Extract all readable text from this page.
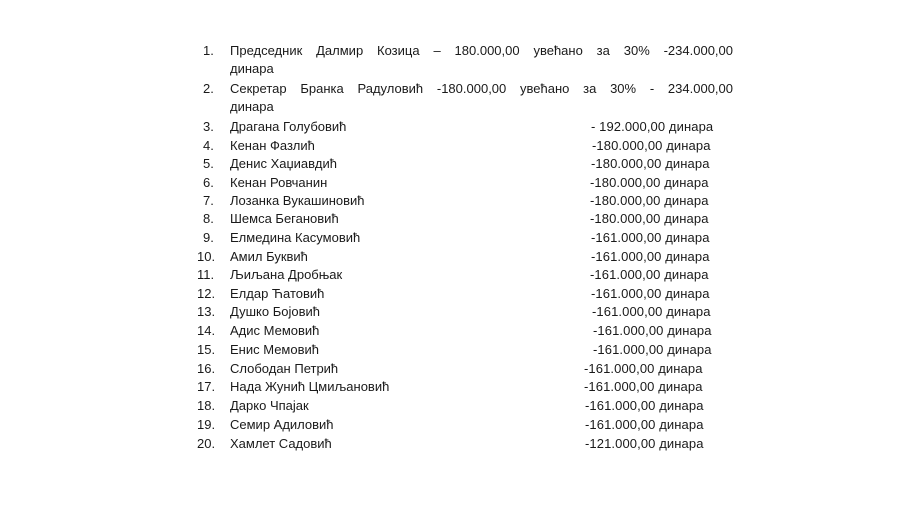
1.	Председник Далмир Козица – 180.000,00 увећано за 30% -234.000,00
динара
2.	Секретар Бранка Радуловић -180.000,00 увећано за 30% - 234.000,00
динара
3.	Драгана Голубовић	- 192.000,00 динара
4.	Кенан Фазлић	-180.000,00 динара
5.	Денис Хаџиавдић	-180.000,00 динара
6.	Кенан Ровчанин	-180.000,00 динара
7.	Лозанка Вукашиновић	-180.000,00 динара
8.	Шемса Бегановић	-180.000,00 динара
9.	Елмедина Касумовић	-161.000,00 динара
10.	Амил Буквић	-161.000,00 динара
11.	Љиљана Дробњак	-161.000,00 динара
12.	Елдар Ћатовић	-161.000,00 динара
13.	Душко Бојовић	-161.000,00 динара
14.	Адис Мемовић	-161.000,00 динара
15.	Енис Мемовић	-161.000,00 динара
16.	Слободан Петрић	-161.000,00 динара
17.	Нада Жунић Цмиљановић	-161.000,00 динара
18.	Дарко Чпајак	-161.000,00 динара
19.	Семир Адиловић	-161.000,00 динара
20.	Хамлет Садовић	-121.000,00 динара
